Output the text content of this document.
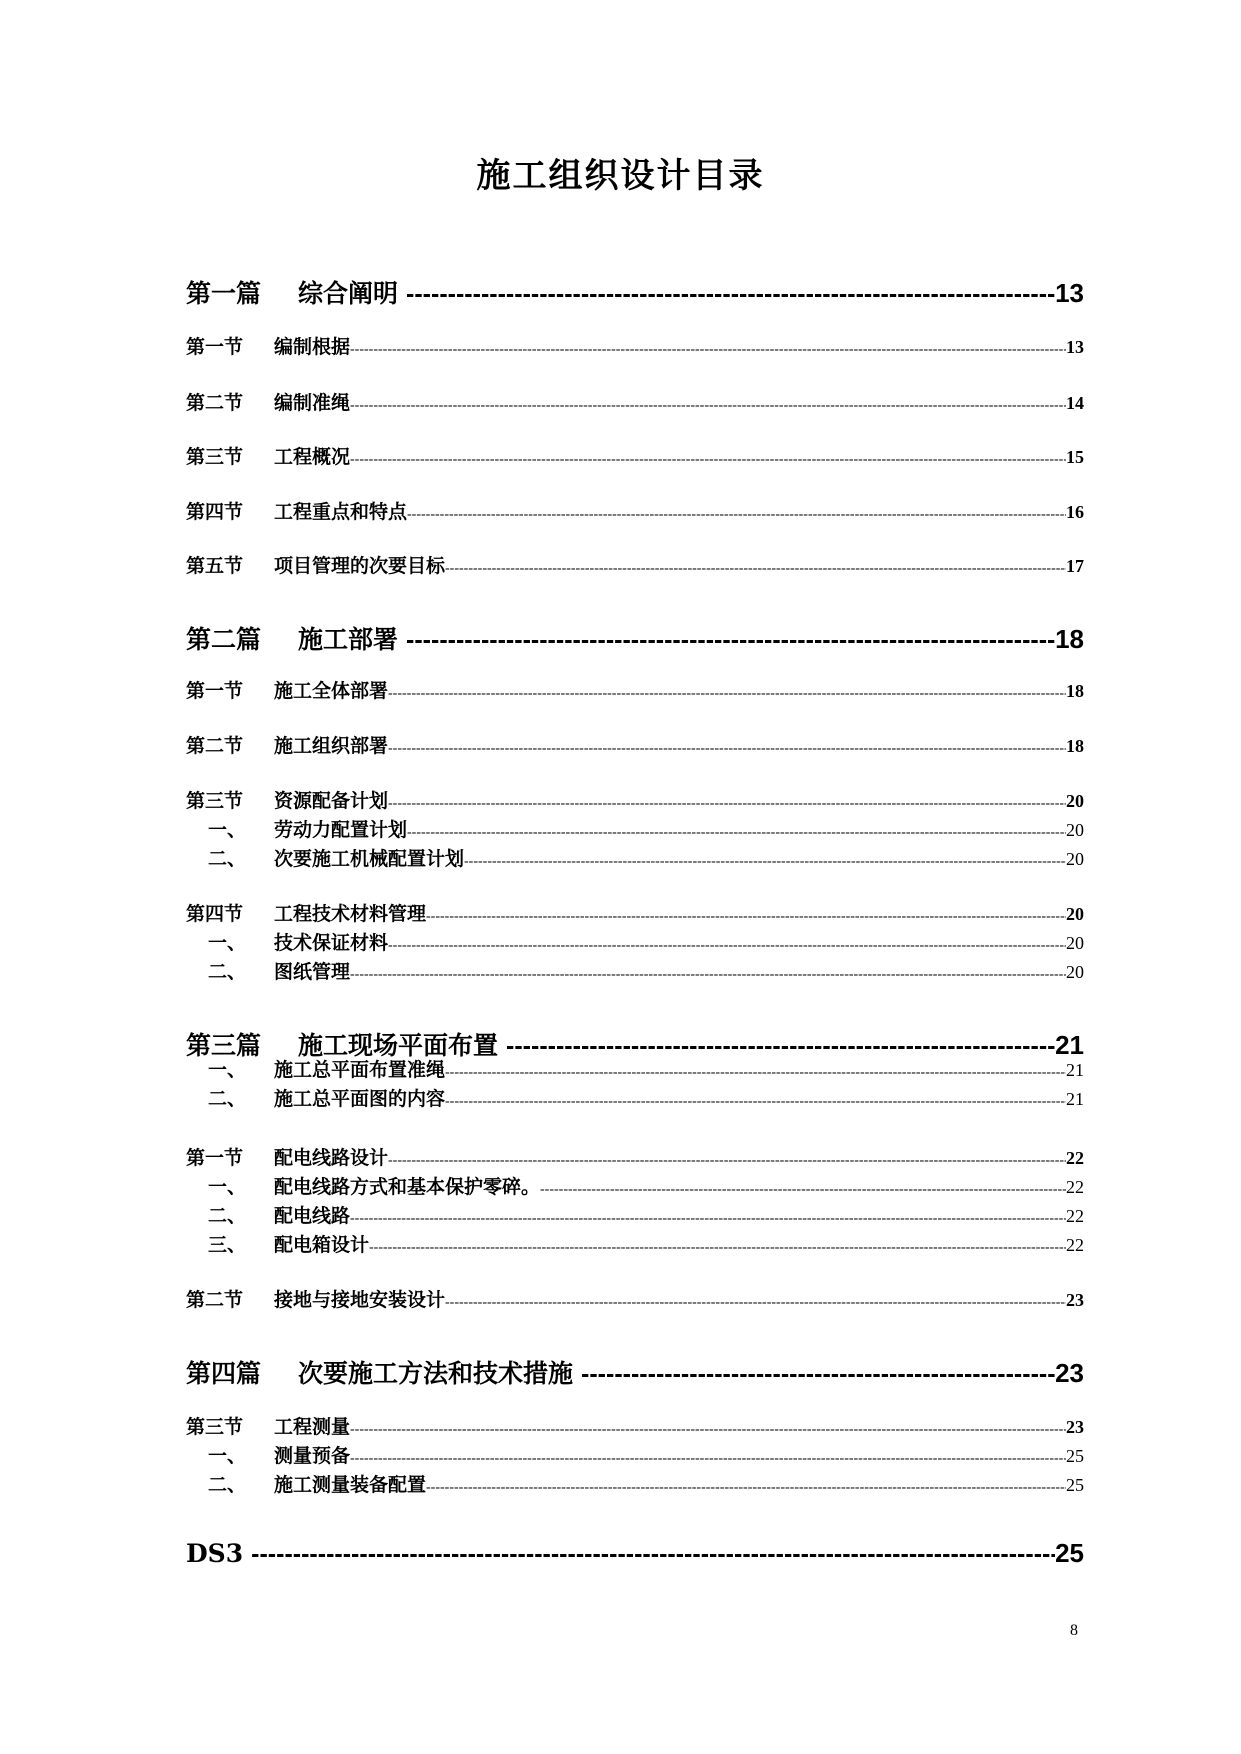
施工组织设计目录
第一篇	综合阐明 -----	13
第一节	编制根据 -----	13
第二节	编制准绳 -----	14
第三节	工程概况 -----	15
第四节	工程重点和特点 -----	16
第五节	项目管理的次要目标 -----	17
第二篇	施工部署 -----	18
第一节	施工全体部署 -----	18
第二节	施工组织部署 -----	18
第三节	资源配备计划 -----	20
一、	劳动力配置计划 -----	20
二、	次要施工机械配置计划 -----	20
第四节	工程技术材料管理 -----	20
一、	技术保证材料 -----	20
二、	图纸管理 -----	20
第三篇	施工现场平面布置 -----	21
一、	施工总平面布置准绳 -----	21
二、	施工总平面图的内容 -----	21
第一节	配电线路设计 -----	22
一、	配电线路方式和基本保护零碎。 -----	22
二、	配电线路 -----	22
三、	配电箱设计 -----	22
第二节	接地与接地安装设计 -----	23
第四篇	次要施工方法和技术措施 -----	23
第三节	工程测量 -----	23
一、	测量预备 -----	25
二、	施工测量装备配置 -----	25
DS3 -----	25
8
